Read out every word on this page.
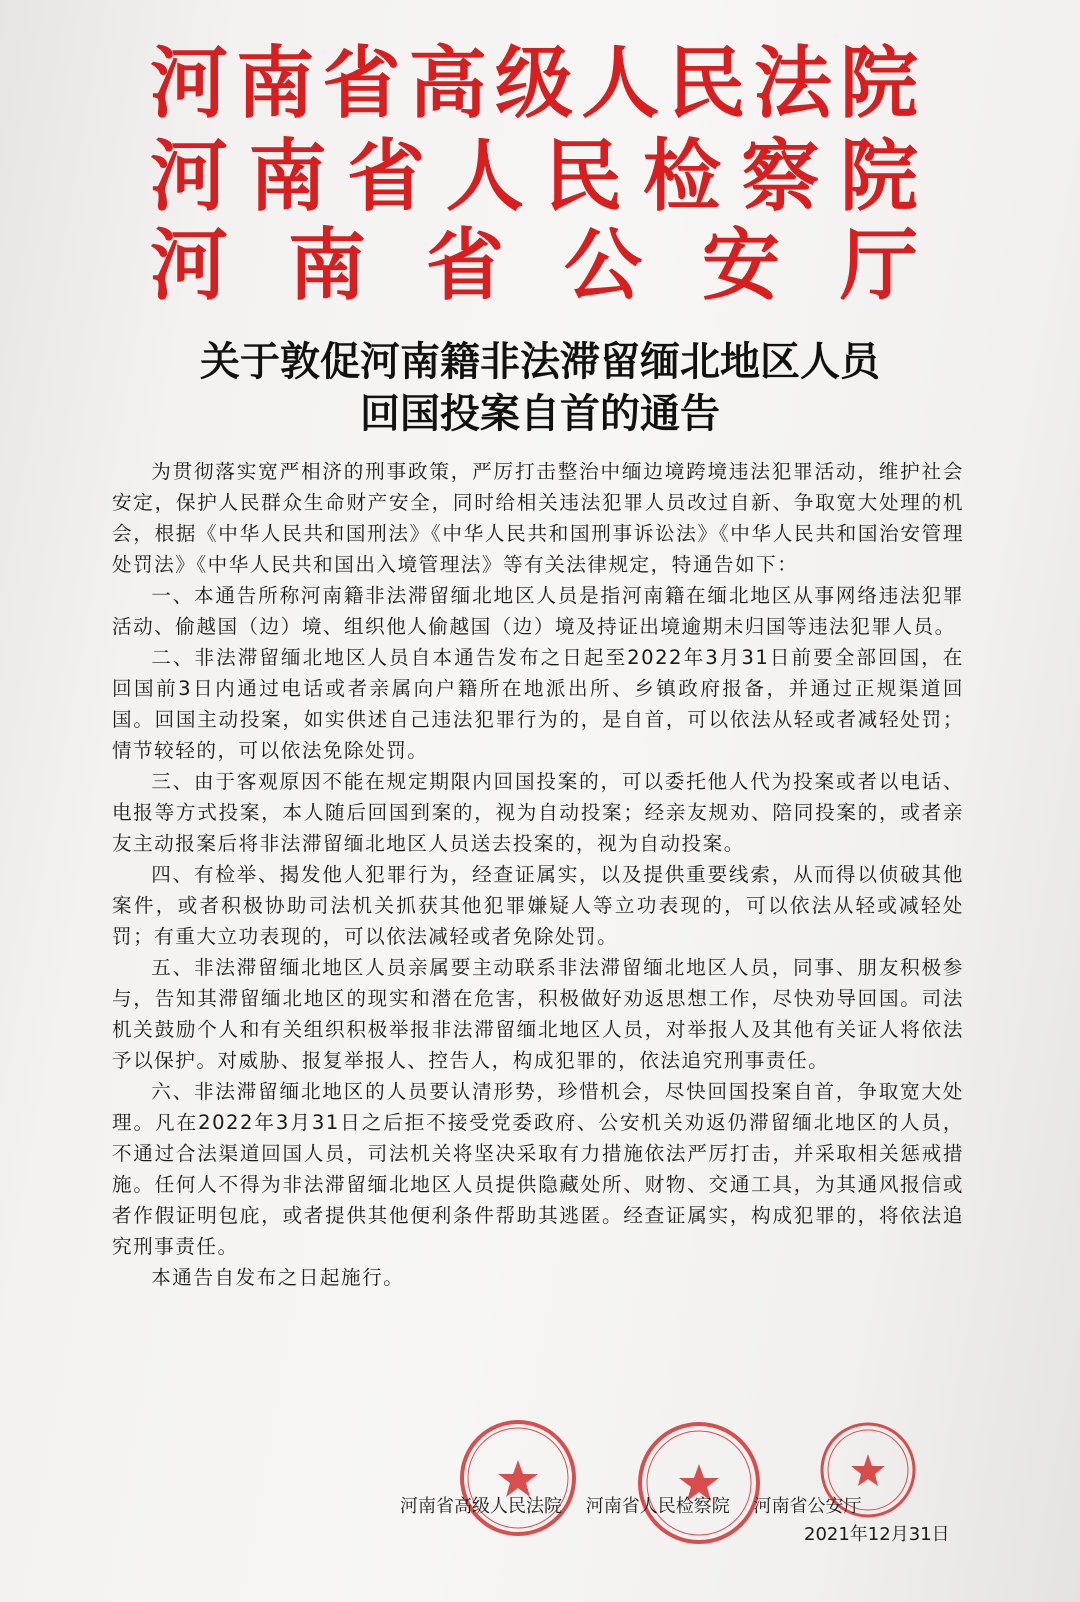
河南省高级人民法院
河南省人民检察院
河南省公安厅
关于敦促河南籍非法滞留缅北地区人员
回国投案自首的通告

为贯彻落实宽严相济的刑事政策，严厉打击整治中缅边境跨境违法犯罪活动，维护社会安定，保护人民群众生命财产安全，同时给相关违法犯罪人员改过自新、争取宽大处理的机会，根据《中华人民共和国刑法》《中华人民共和国刑事诉讼法》《中华人民共和国治安管理处罚法》《中华人民共和国出入境管理法》等有关法律规定，特通告如下：

一、本通告所称河南籍非法滞留缅北地区人员是指河南籍在缅北地区从事网络违法犯罪活动、偷越国（边）境、组织他人偷越国（边）境及持证出境逾期未归国等违法犯罪人员。

二、非法滞留缅北地区人员自本通告发布之日起至2022年3月31日前要全部回国，在回国前3日内通过电话或者亲属向户籍所在地派出所、乡镇政府报备，并通过正规渠道回国。回国主动投案，如实供述自己违法犯罪行为的，是自首，可以依法从轻或者减轻处罚；情节较轻的，可以依法免除处罚。

三、由于客观原因不能在规定期限内回国投案的，可以委托他人代为投案或者以电话、电报等方式投案，本人随后回国到案的，视为自动投案；经亲友规劝、陪同投案的，或者亲友主动报案后将非法滞留缅北地区人员送去投案的，视为自动投案。

四、有检举、揭发他人犯罪行为，经查证属实，以及提供重要线索，从而得以侦破其他案件，或者积极协助司法机关抓获其他犯罪嫌疑人等立功表现的，可以依法从轻或减轻处罚；有重大立功表现的，可以依法减轻或者免除处罚。

五、非法滞留缅北地区人员亲属要主动联系非法滞留缅北地区人员，同事、朋友积极参与，告知其滞留缅北地区的现实和潜在危害，积极做好劝返思想工作，尽快劝导回国。司法机关鼓励个人和有关组织积极举报非法滞留缅北地区人员，对举报人及其他有关证人将依法予以保护。对威胁、报复举报人、控告人，构成犯罪的，依法追究刑事责任。

六、非法滞留缅北地区的人员要认清形势，珍惜机会，尽快回国投案自首，争取宽大处理。凡在2022年3月31日之后拒不接受党委政府、公安机关劝返仍滞留缅北地区的人员，不通过合法渠道回国人员，司法机关将坚决采取有力措施依法严厉打击，并采取相关惩戒措施。任何人不得为非法滞留缅北地区人员提供隐藏处所、财物、交通工具，为其通风报信或者作假证明包庇，或者提供其他便利条件帮助其逃匿。经查证属实，构成犯罪的，将依法追究刑事责任。

本通告自发布之日起施行。

河南省高级人民法院 河南省人民检察院 河南省公安厅
2021年12月31日
